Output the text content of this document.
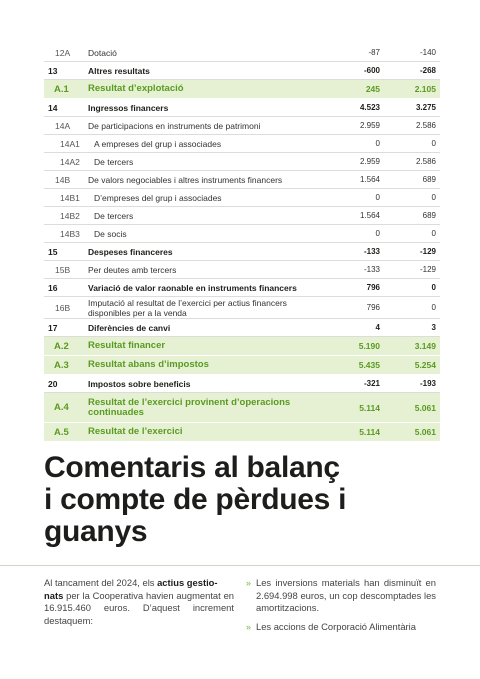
12A	Dotació	-87	-140
13	Altres resultats	-600	-268
A.1	Resultat d’explotació	245	2.105
14	Ingressos financers	4.523	3.275
14A	De participacions en instruments de patrimoni	2.959	2.586
14A1	A empreses del grup i associades	0	0
14A2	De tercers	2.959	2.586
14B	De valors negociables i altres instruments financers	1.564	689
14B1	D’empreses del grup i associades	0	0
14B2	De tercers	1.564	689
14B3	De socis	0	0
15	Despeses financeres	-133	-129
15B	Per deutes amb tercers	-133	-129
16	Variació de valor raonable en instruments financers	796	0
16B	Imputació al resultat de l’exercici per actius financers disponibles per a la venda	796	0
17	Diferències de canvi	4	3
A.2	Resultat financer	5.190	3.149
A.3	Resultat abans d’impostos	5.435	5.254
20	Impostos sobre beneficis	-321	-193
A.4	Resultat de l’exercici provinent d’operacions continuades	5.114	5.061
A.5	Resultat de l’exercici	5.114	5.061
Comentaris al balanç
i compte de pèrdues i
guanys
Al tancament del 2024, els actius gestio-
nats per la Cooperativa havien augmentat en 16.915.460 euros. D’aquest increment destaquem:
» Les inversions materials han disminuït en 2.694.998 euros, un cop descomptades les amortitzacions.
» Les accions de Corporació Alimentària
